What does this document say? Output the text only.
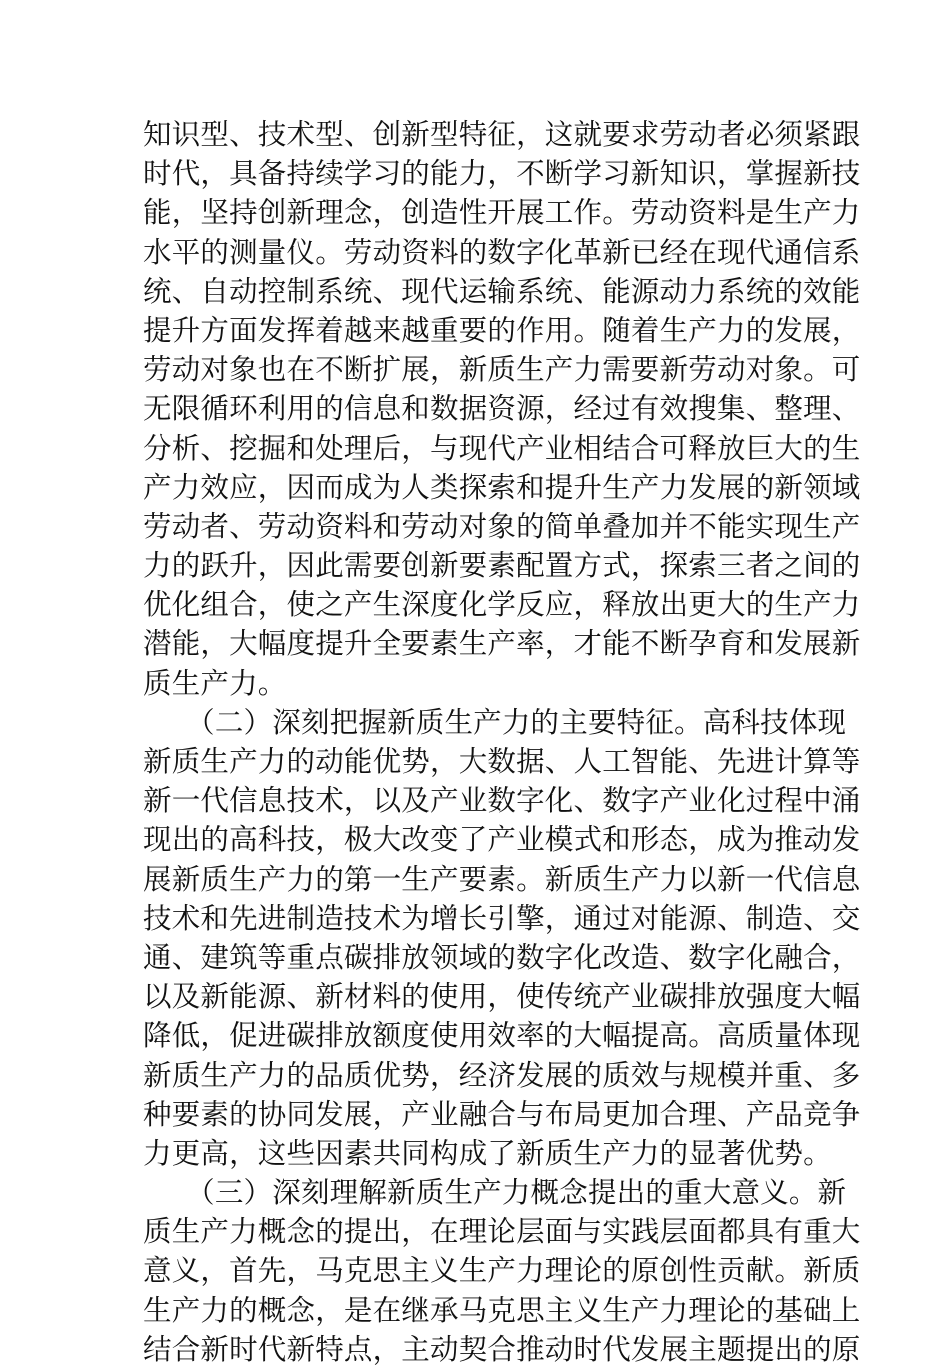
知识型、技术型、创新型特征，这就要求劳动者必须紧跟
时代，具备持续学习的能力，不断学习新知识，掌握新技
能，坚持创新理念，创造性开展工作。劳动资料是生产力
水平的测量仪。劳动资料的数字化革新已经在现代通信系
统、自动控制系统、现代运输系统、能源动力系统的效能
提升方面发挥着越来越重要的作用。随着生产力的发展，
劳动对象也在不断扩展，新质生产力需要新劳动对象。可
无限循环利用的信息和数据资源，经过有效搜集、整理、
分析、挖掘和处理后，与现代产业相结合可释放巨大的生
产力效应，因而成为人类探索和提升生产力发展的新领域
劳动者、劳动资料和劳动对象的简单叠加并不能实现生产
力的跃升，因此需要创新要素配置方式，探索三者之间的
优化组合，使之产生深度化学反应，释放出更大的生产力
潜能，大幅度提升全要素生产率，才能不断孕育和发展新
质生产力。
　　（二）深刻把握新质生产力的主要特征。高科技体现
新质生产力的动能优势，大数据、人工智能、先进计算等
新一代信息技术，以及产业数字化、数字产业化过程中涌
现出的高科技，极大改变了产业模式和形态，成为推动发
展新质生产力的第一生产要素。新质生产力以新一代信息
技术和先进制造技术为增长引擎，通过对能源、制造、交
通、建筑等重点碳排放领域的数字化改造、数字化融合，
以及新能源、新材料的使用，使传统产业碳排放强度大幅
降低，促进碳排放额度使用效率的大幅提高。高质量体现
新质生产力的品质优势，经济发展的质效与规模并重、多
种要素的协同发展，产业融合与布局更加合理、产品竞争
力更高，这些因素共同构成了新质生产力的显著优势。
　　（三）深刻理解新质生产力概念提出的重大意义。新
质生产力概念的提出，在理论层面与实践层面都具有重大
意义，首先，马克思主义生产力理论的原创性贡献。新质
生产力的概念，是在继承马克思主义生产力理论的基础上
结合新时代新特点，主动契合推动时代发展主题提出的原
